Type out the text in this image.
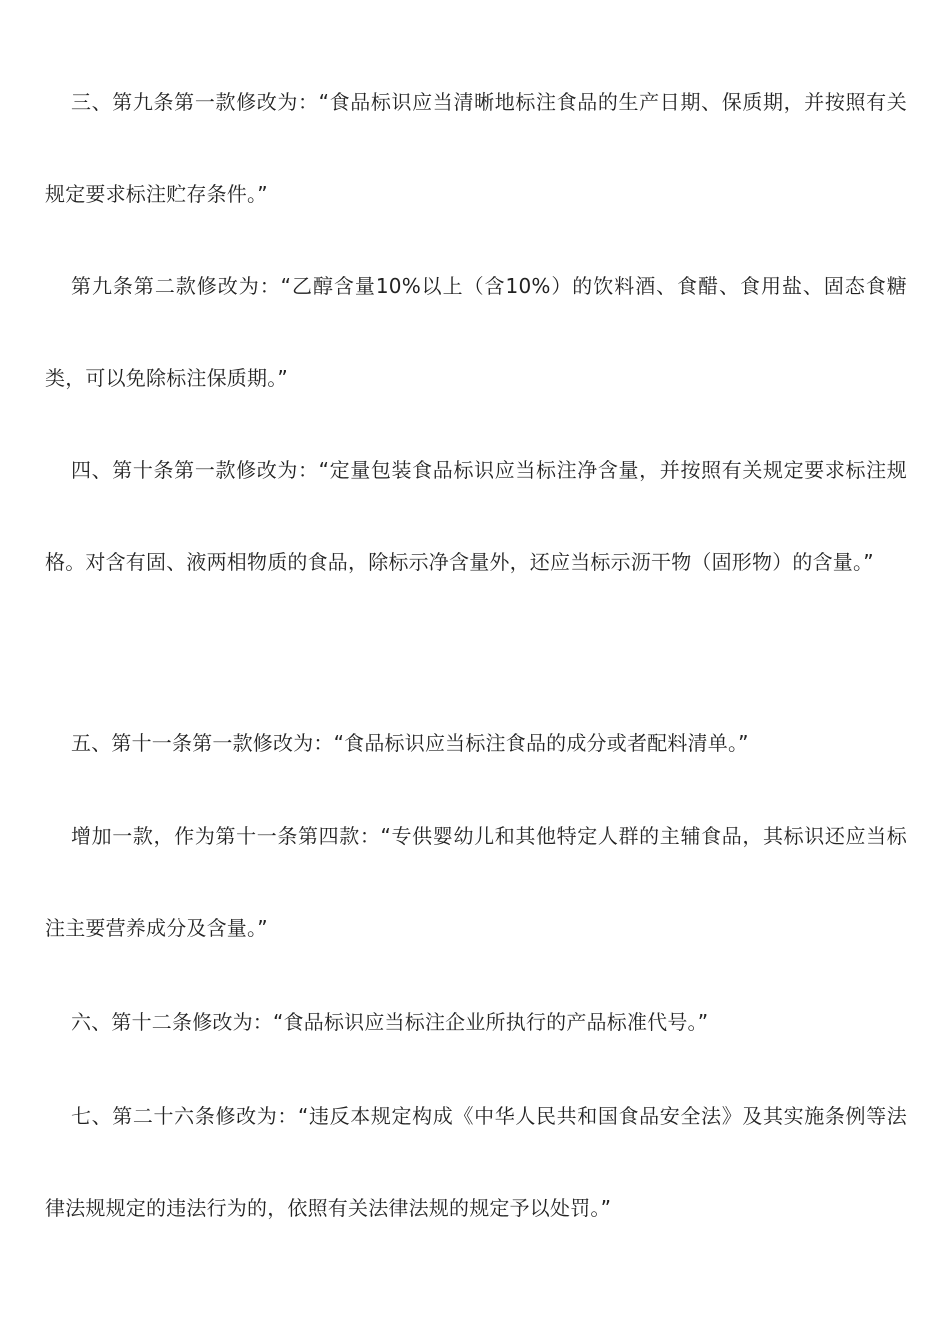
三、第九条第一款修改为：“食品标识应当清晰地标注食品的生产日期、保质期，并按照有关规定要求标注贮存条件。”

第九条第二款修改为：“乙醇含量10%以上（含10%）的饮料酒、食醋、食用盐、固态食糖类，可以免除标注保质期。”

四、第十条第一款修改为：“定量包装食品标识应当标注净含量，并按照有关规定要求标注规格。对含有固、液两相物质的食品，除标示净含量外，还应当标示沥干物（固形物）的含量。”

五、第十一条第一款修改为：“食品标识应当标注食品的成分或者配料清单。”

增加一款，作为第十一条第四款：“专供婴幼儿和其他特定人群的主辅食品，其标识还应当标注主要营养成分及含量。”

六、第十二条修改为：“食品标识应当标注企业所执行的产品标准代号。”

七、第二十六条修改为：“违反本规定构成《中华人民共和国食品安全法》及其实施条例等法律法规规定的违法行为的，依照有关法律法规的规定予以处罚。”
